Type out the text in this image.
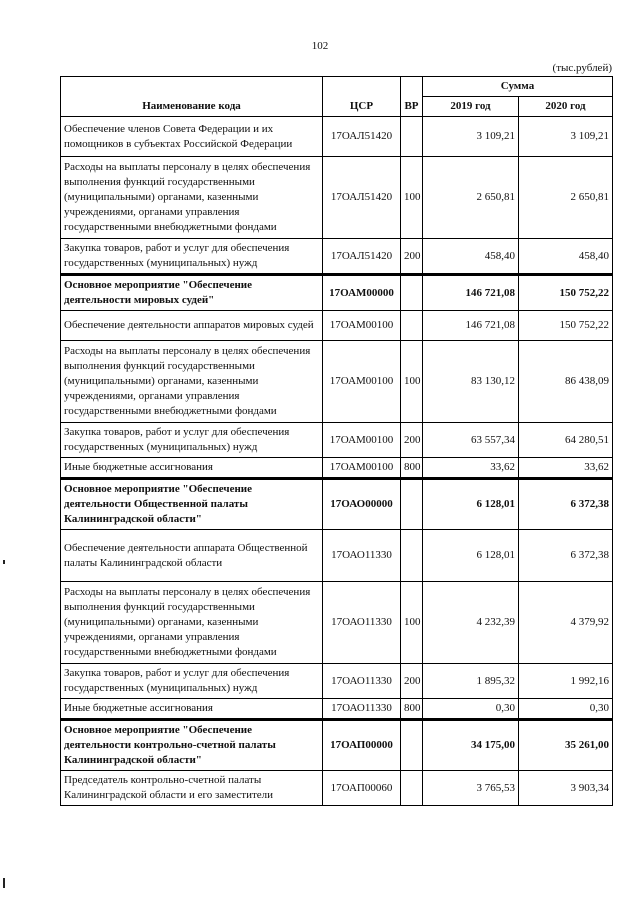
102
(тыс.рублей)
Наименование кода	ЦСР	ВР	Сумма	
			2019 год	2020 год
Обеспечение членов Совета Федерации и их помощников в субъектах Российской Федерации	17ОАЛ51420		3 109,21	3 109,21
Расходы на выплаты персоналу в целях обеспечения выполнения функций государственными (муниципальными) органами, казенными учреждениями, органами управления государственными внебюджетными фондами	17ОАЛ51420	100	2 650,81	2 650,81
Закупка товаров, работ и услуг для обеспечения государственных (муниципальных) нужд	17ОАЛ51420	200	458,40	458,40
Основное мероприятие "Обеспечение деятельности мировых судей"	17ОАМ00000		146 721,08	150 752,22
Обеспечение деятельности аппаратов мировых судей	17ОАМ00100		146 721,08	150 752,22
Расходы на выплаты персоналу в целях обеспечения выполнения функций государственными (муниципальными) органами, казенными учреждениями, органами управления государственными внебюджетными фондами	17ОАМ00100	100	83 130,12	86 438,09
Закупка товаров, работ и услуг для обеспечения государственных (муниципальных) нужд	17ОАМ00100	200	63 557,34	64 280,51
Иные бюджетные ассигнования	17ОАМ00100	800	33,62	33,62
Основное мероприятие "Обеспечение деятельности Общественной палаты Калининградской области"	17ОАО00000		6 128,01	6 372,38
Обеспечение деятельности аппарата Общественной палаты Калининградской области	17ОАО11330		6 128,01	6 372,38
Расходы на выплаты персоналу в целях обеспечения выполнения функций государственными (муниципальными) органами, казенными учреждениями, органами управления государственными внебюджетными фондами	17ОАО11330	100	4 232,39	4 379,92
Закупка товаров, работ и услуг для обеспечения государственных (муниципальных) нужд	17ОАО11330	200	1 895,32	1 992,16
Иные бюджетные ассигнования	17ОАО11330	800	0,30	0,30
Основное мероприятие "Обеспечение деятельности контрольно-счетной палаты Калининградской области"	17ОАП00000		34 175,00	35 261,00
Председатель контрольно-счетной палаты Калининградской области и его заместители	17ОАП00060		3 765,53	3 903,34
